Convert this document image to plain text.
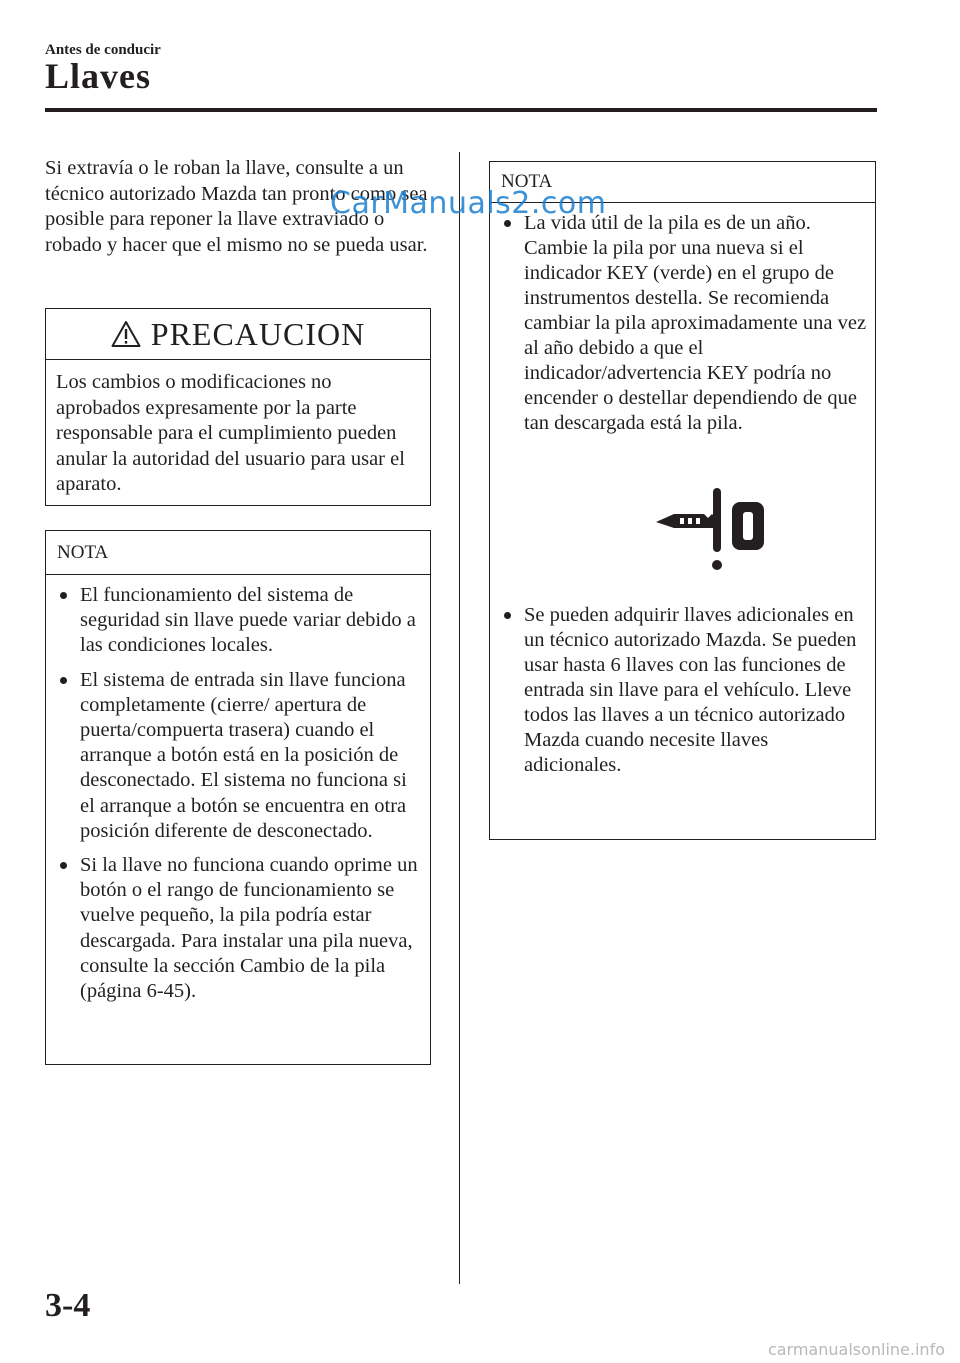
Antes de conducir
Llaves

Si extravía o le roban la llave, consulte a un técnico autorizado Mazda tan pronto como sea posible para reponer la llave extraviado o robado y hacer que el mismo no se pueda usar.

PRECAUCION
Los cambios o modificaciones no aprobados expresamente por la parte responsable para el cumplimiento pueden anular la autoridad del usuario para usar el aparato.
NOTA
El funcionamiento del sistema de seguridad sin llave puede variar debido a las condiciones locales.
El sistema de entrada sin llave funciona completamente (cierre/ apertura de puerta/compuerta trasera) cuando el arranque a botón está en la posición de desconectado. El sistema no funciona si el arranque a botón se encuentra en otra posición diferente de desconectado.
Si la llave no funciona cuando oprime un botón o el rango de funcionamiento se vuelve pequeño, la pila podría estar descargada. Para instalar una pila nueva, consulte la sección Cambio de la pila (página 6-45).
NOTA
La vida útil de la pila es de un año. Cambie la pila por una nueva si el indicador KEY (verde) en el grupo de instrumentos destella. Se recomienda cambiar la pila aproximadamente una vez al año debido a que el indicador/advertencia KEY podría no encender o destellar dependiendo de que tan descargada está la pila.
Se pueden adquirir llaves adicionales en un técnico autorizado Mazda. Se pueden usar hasta 6 llaves con las funciones de entrada sin llave para el vehículo. Lleve todos las llaves a un técnico autorizado Mazda cuando necesite llaves adicionales.
3-4
CarManuals2.com
carmanualsonline.info
